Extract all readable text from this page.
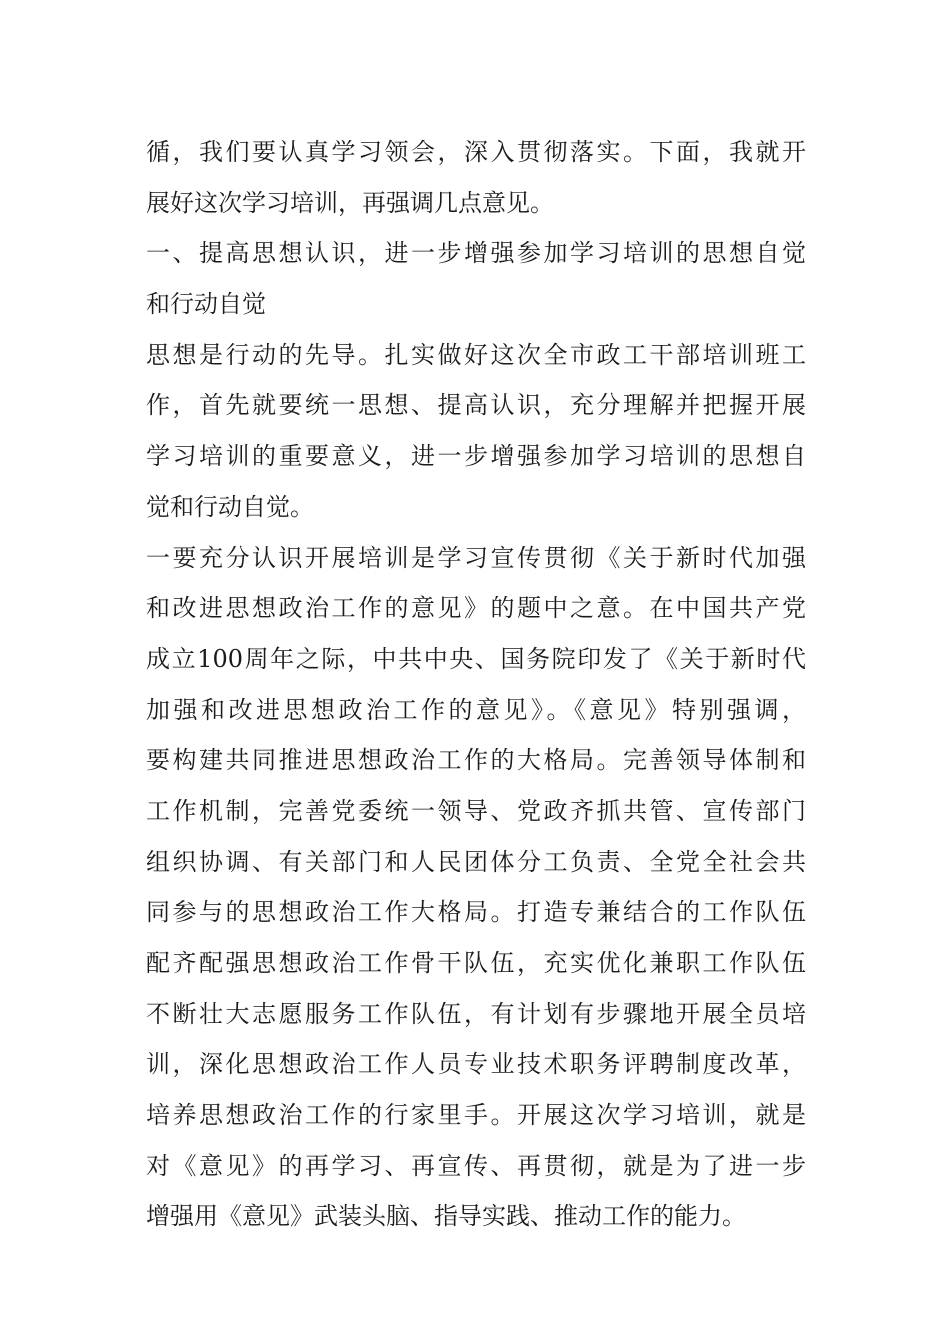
循，我们要认真学习领会，深入贯彻落实。下面，我就开
展好这次学习培训，再强调几点意见。
一、提高思想认识，进一步增强参加学习培训的思想自觉
和行动自觉
思想是行动的先导。扎实做好这次全市政工干部培训班工
作，首先就要统一思想、提高认识，充分理解并把握开展
学习培训的重要意义，进一步增强参加学习培训的思想自
觉和行动自觉。
一要充分认识开展培训是学习宣传贯彻《关于新时代加强
和改进思想政治工作的意见》的题中之意。在中国共产党
成立100周年之际，中共中央、国务院印发了《关于新时代
加强和改进思想政治工作的意见》。《意见》特别强调，
要构建共同推进思想政治工作的大格局。完善领导体制和
工作机制，完善党委统一领导、党政齐抓共管、宣传部门
组织协调、有关部门和人民团体分工负责、全党全社会共
同参与的思想政治工作大格局。打造专兼结合的工作队伍
配齐配强思想政治工作骨干队伍，充实优化兼职工作队伍
不断壮大志愿服务工作队伍，有计划有步骤地开展全员培
训，深化思想政治工作人员专业技术职务评聘制度改革，
培养思想政治工作的行家里手。开展这次学习培训，就是
对《意见》的再学习、再宣传、再贯彻，就是为了进一步
增强用《意见》武装头脑、指导实践、推动工作的能力。
